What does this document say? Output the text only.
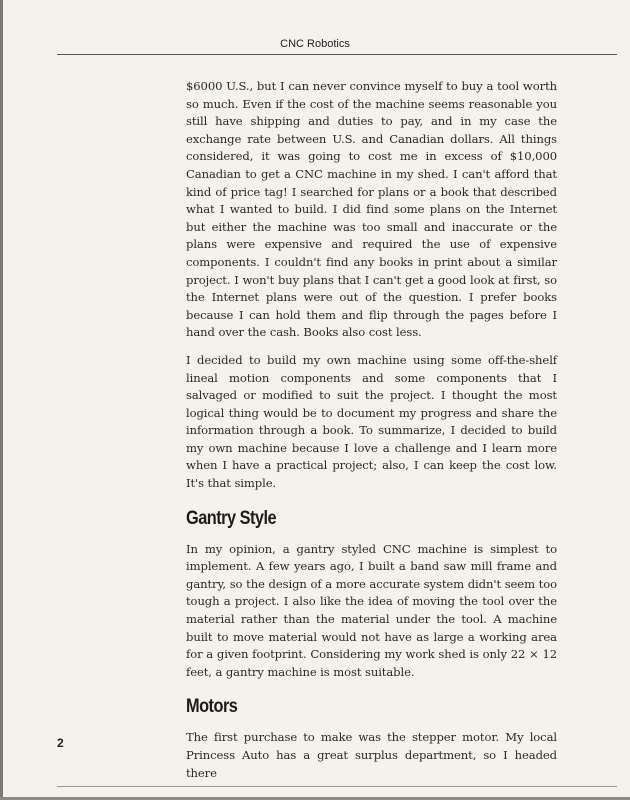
CNC Robotics

$6000 U.S., but I can never convince myself to buy a tool worth so much. Even if the cost of the machine seems reasonable you still have shipping and duties to pay, and in my case the exchange rate between U.S. and Canadian dollars. All things considered, it was going to cost me in excess of $10,000 Canadian to get a CNC machine in my shed. I can't afford that kind of price tag! I searched for plans or a book that described what I wanted to build. I did find some plans on the Internet but either the machine was too small and inaccurate or the plans were expensive and required the use of expensive components. I couldn't find any books in print about a similar project. I won't buy plans that I can't get a good look at first, so the Internet plans were out of the question. I prefer books because I can hold them and flip through the pages before I hand over the cash. Books also cost less.

I decided to build my own machine using some off-the-shelf lineal motion components and some components that I salvaged or modified to suit the project. I thought the most logical thing would be to document my progress and share the information through a book. To summarize, I decided to build my own machine because I love a challenge and I learn more when I have a practical project; also, I can keep the cost low. It's that simple.

Gantry Style

In my opinion, a gantry styled CNC machine is simplest to implement. A few years ago, I built a band saw mill frame and gantry, so the design of a more accurate system didn't seem too tough a project. I also like the idea of moving the tool over the material rather than the material under the tool. A machine built to move material would not have as large a working area for a given footprint. Considering my work shed is only 22 × 12 feet, a gantry machine is most suitable.

Motors

The first purchase to make was the stepper motor. My local Princess Auto has a great surplus department, so I headed there

2
